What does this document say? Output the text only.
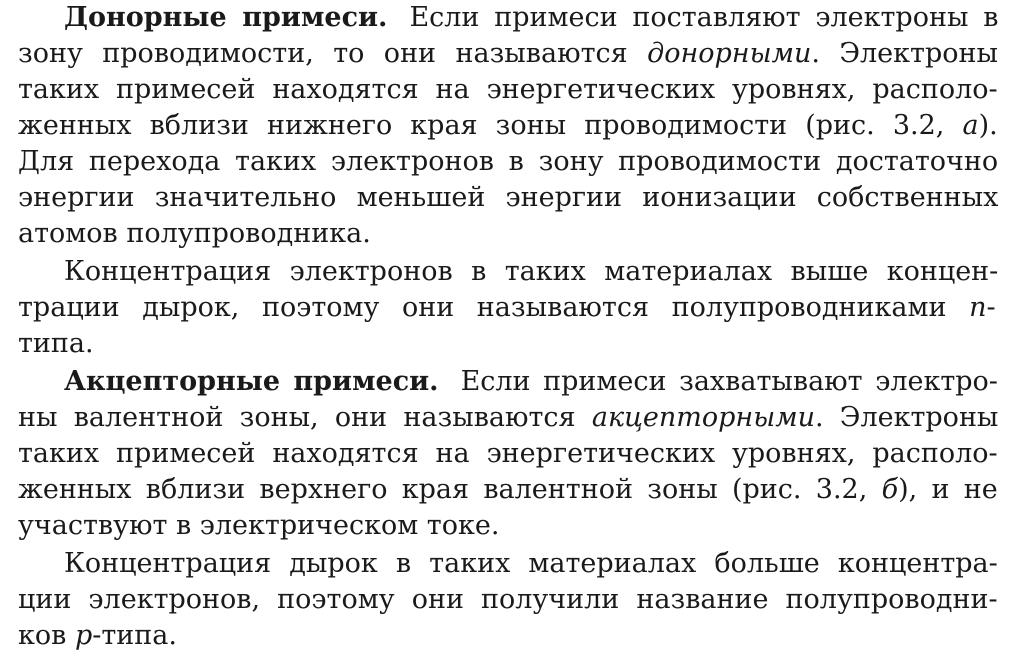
Донорные примеси. Если примеси поставляют электроны в
зону проводимости, то они называются донорными. Электроны
таких примесей находятся на энергетических уровнях, располо-
женных вблизи нижнего края зоны проводимости (рис. 3.2, а).
Для перехода таких электронов в зону проводимости достаточно
энергии значительно меньшей энергии ионизации собственных
атомов полупроводника.
Концентрация электронов в таких материалах выше концен-
трации дырок, поэтому они называются полупроводниками n-
типа.
Акцепторные примеси. Если примеси захватывают электро-
ны валентной зоны, они называются акцепторными. Электроны
таких примесей находятся на энергетических уровнях, располо-
женных вблизи верхнего края валентной зоны (рис. 3.2, б), и не
участвуют в электрическом токе.
Концентрация дырок в таких материалах больше концентра-
ции электронов, поэтому они получили название полупроводни-
ков p-типа.
